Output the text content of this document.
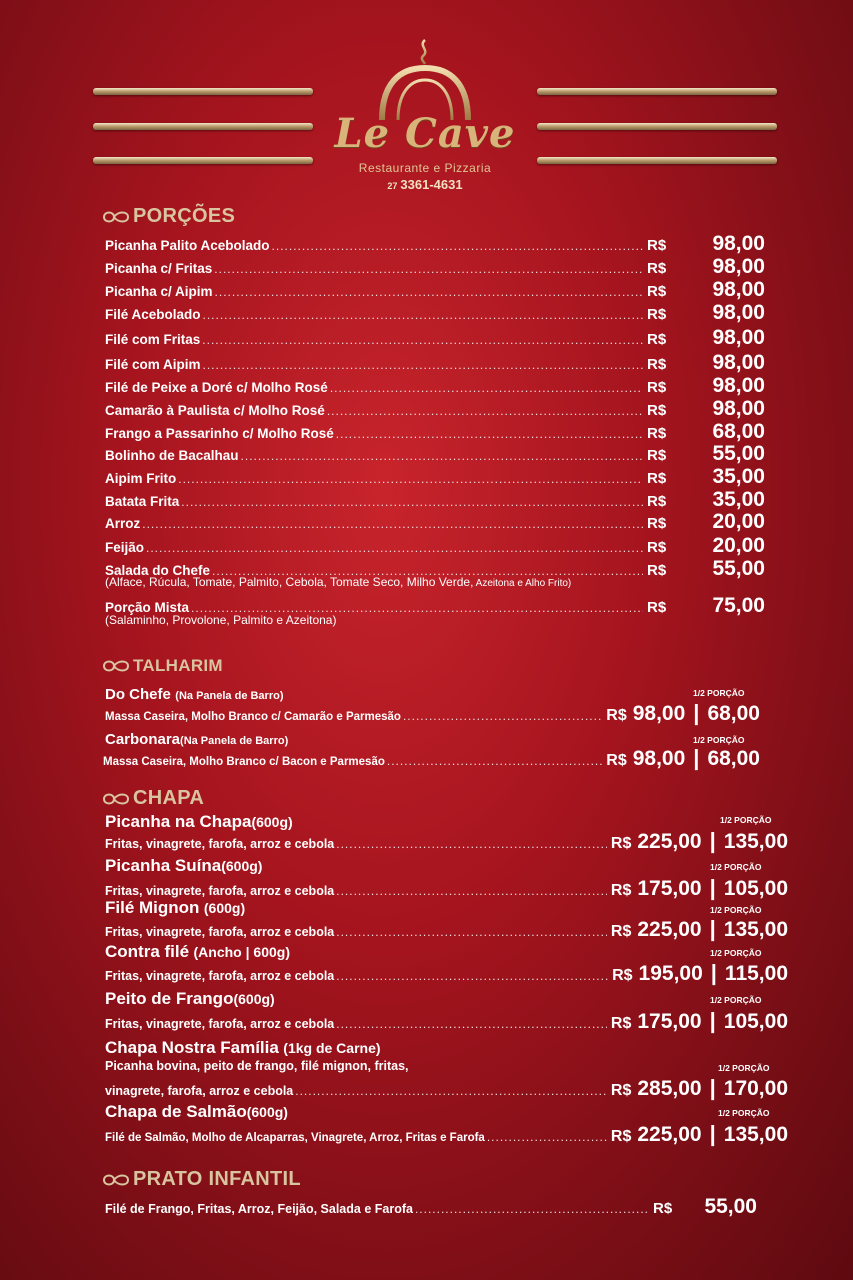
Le Cave
Restaurante e Pizzaria
27 3361-4631
PORÇÕES
Picanha Palito Acebolado .....	R$	98,00
Picanha c/ Fritas .....	R$	98,00
Picanha c/ Aipim .....	R$	98,00
Filé Acebolado .....	R$	98,00
Filé com Fritas .....	R$	98,00
Filé com Aipim .....	R$	98,00
Filé de Peixe a Doré c/ Molho Rosé .....	R$	98,00
Camarão à Paulista c/ Molho Rosé .....	R$	98,00
Frango a Passarinho c/ Molho Rosé .....	R$	68,00
Bolinho de Bacalhau .....	R$	55,00
Aipim Frito .....	R$	35,00
Batata Frita .....	R$	35,00
Arroz .....	R$	20,00
Feijão .....	R$	20,00
Salada do Chefe .....	R$	55,00
(Alface, Rúcula, Tomate, Palmito, Cebola, Tomate Seco, Milho Verde, Azeitona e Alho Frito)
Porção Mista .....	R$	75,00
(Salaminho, Provolone, Palmito e Azeitona)
TALHARIM
Do Chefe (Na Panela de Barro)	1/2 PORÇÃO
Massa Caseira, Molho Branco c/ Camarão e Parmesão .....	R$ 98,00 | 68,00
Carbonara(Na Panela de Barro)	1/2 PORÇÃO
Massa Caseira, Molho Branco c/ Bacon e Parmesão .....	R$ 98,00 | 68,00
CHAPA
Picanha na Chapa(600g)	1/2 PORÇÃO
Fritas, vinagrete, farofa, arroz e cebola .....	R$ 225,00 | 135,00
Picanha Suína(600g)	1/2 PORÇÃO
Fritas, vinagrete, farofa, arroz e cebola .....	R$ 175,00 | 105,00
Filé Mignon (600g)	1/2 PORÇÃO
Fritas, vinagrete, farofa, arroz e cebola .....	R$ 225,00 | 135,00
Contra filé (Ancho | 600g)	1/2 PORÇÃO
Fritas, vinagrete, farofa, arroz e cebola .....	R$ 195,00 | 115,00
Peito de Frango(600g)	1/2 PORÇÃO
Fritas, vinagrete, farofa, arroz e cebola .....	R$ 175,00 | 105,00
Chapa Nostra Família (1kg de Carne)
Picanha bovina, peito de frango, filé mignon, fritas,	1/2 PORÇÃO
vinagrete, farofa, arroz e cebola .....	R$ 285,00 | 170,00
Chapa de Salmão(600g)	1/2 PORÇÃO
Filé de Salmão, Molho de Alcaparras, Vinagrete, Arroz, Fritas e Farofa .....	R$ 225,00 | 135,00
PRATO INFANTIL
Filé de Frango, Fritas, Arroz, Feijão, Salada e Farofa .....	R$	55,00
